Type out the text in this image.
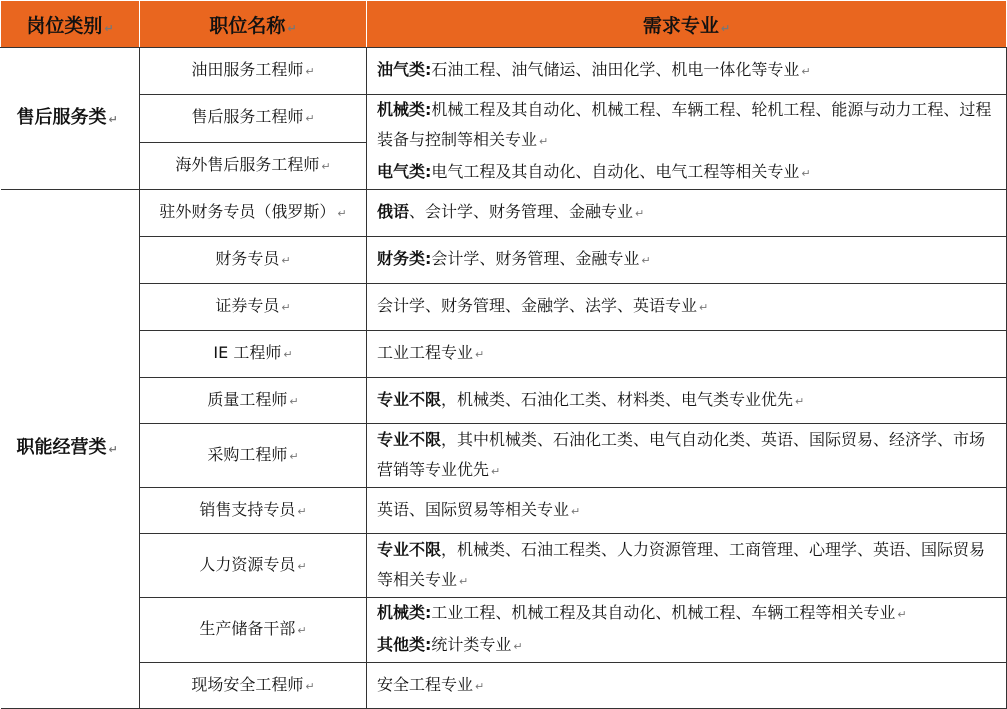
岗位类别 ↵	职位名称 ↵	需求专业 ↵
售后服务类 ↵	油田服务工程师 ↵	油气类:石油工程、油气储运、油田化学、机电一体化等专业 ↵
	售后服务工程师 ↵	机械类:机械工程及其自动化、机械工程、车辆工程、轮机工程、能源与动力工程、过程装备与控制等相关专业 ↵
电气类:电气工程及其自动化、自动化、电气工程等相关专业 ↵
	海外售后服务工程师 ↵	
职能经营类 ↵	驻外财务专员（俄罗斯） ↵	俄语、会计学、财务管理、金融专业 ↵
	财务专员 ↵	财务类:会计学、财务管理、金融专业 ↵
	证券专员 ↵	会计学、财务管理、金融学、法学、英语专业 ↵
	IE 工程师 ↵	工业工程专业 ↵
	质量工程师 ↵	专业不限，机械类、石油化工类、材料类、电气类专业优先 ↵
	采购工程师 ↵	专业不限，其中机械类、石油化工类、电气自动化类、英语、国际贸易、经济学、市场营销等专业优先 ↵
	销售支持专员 ↵	英语、国际贸易等相关专业 ↵
	人力资源专员 ↵	专业不限，机械类、石油工程类、人力资源管理、工商管理、心理学、英语、国际贸易等相关专业 ↵
	生产储备干部 ↵	机械类:工业工程、机械工程及其自动化、机械工程、车辆工程等相关专业 ↵
其他类:统计类专业 ↵
	现场安全工程师 ↵	安全工程专业 ↵
